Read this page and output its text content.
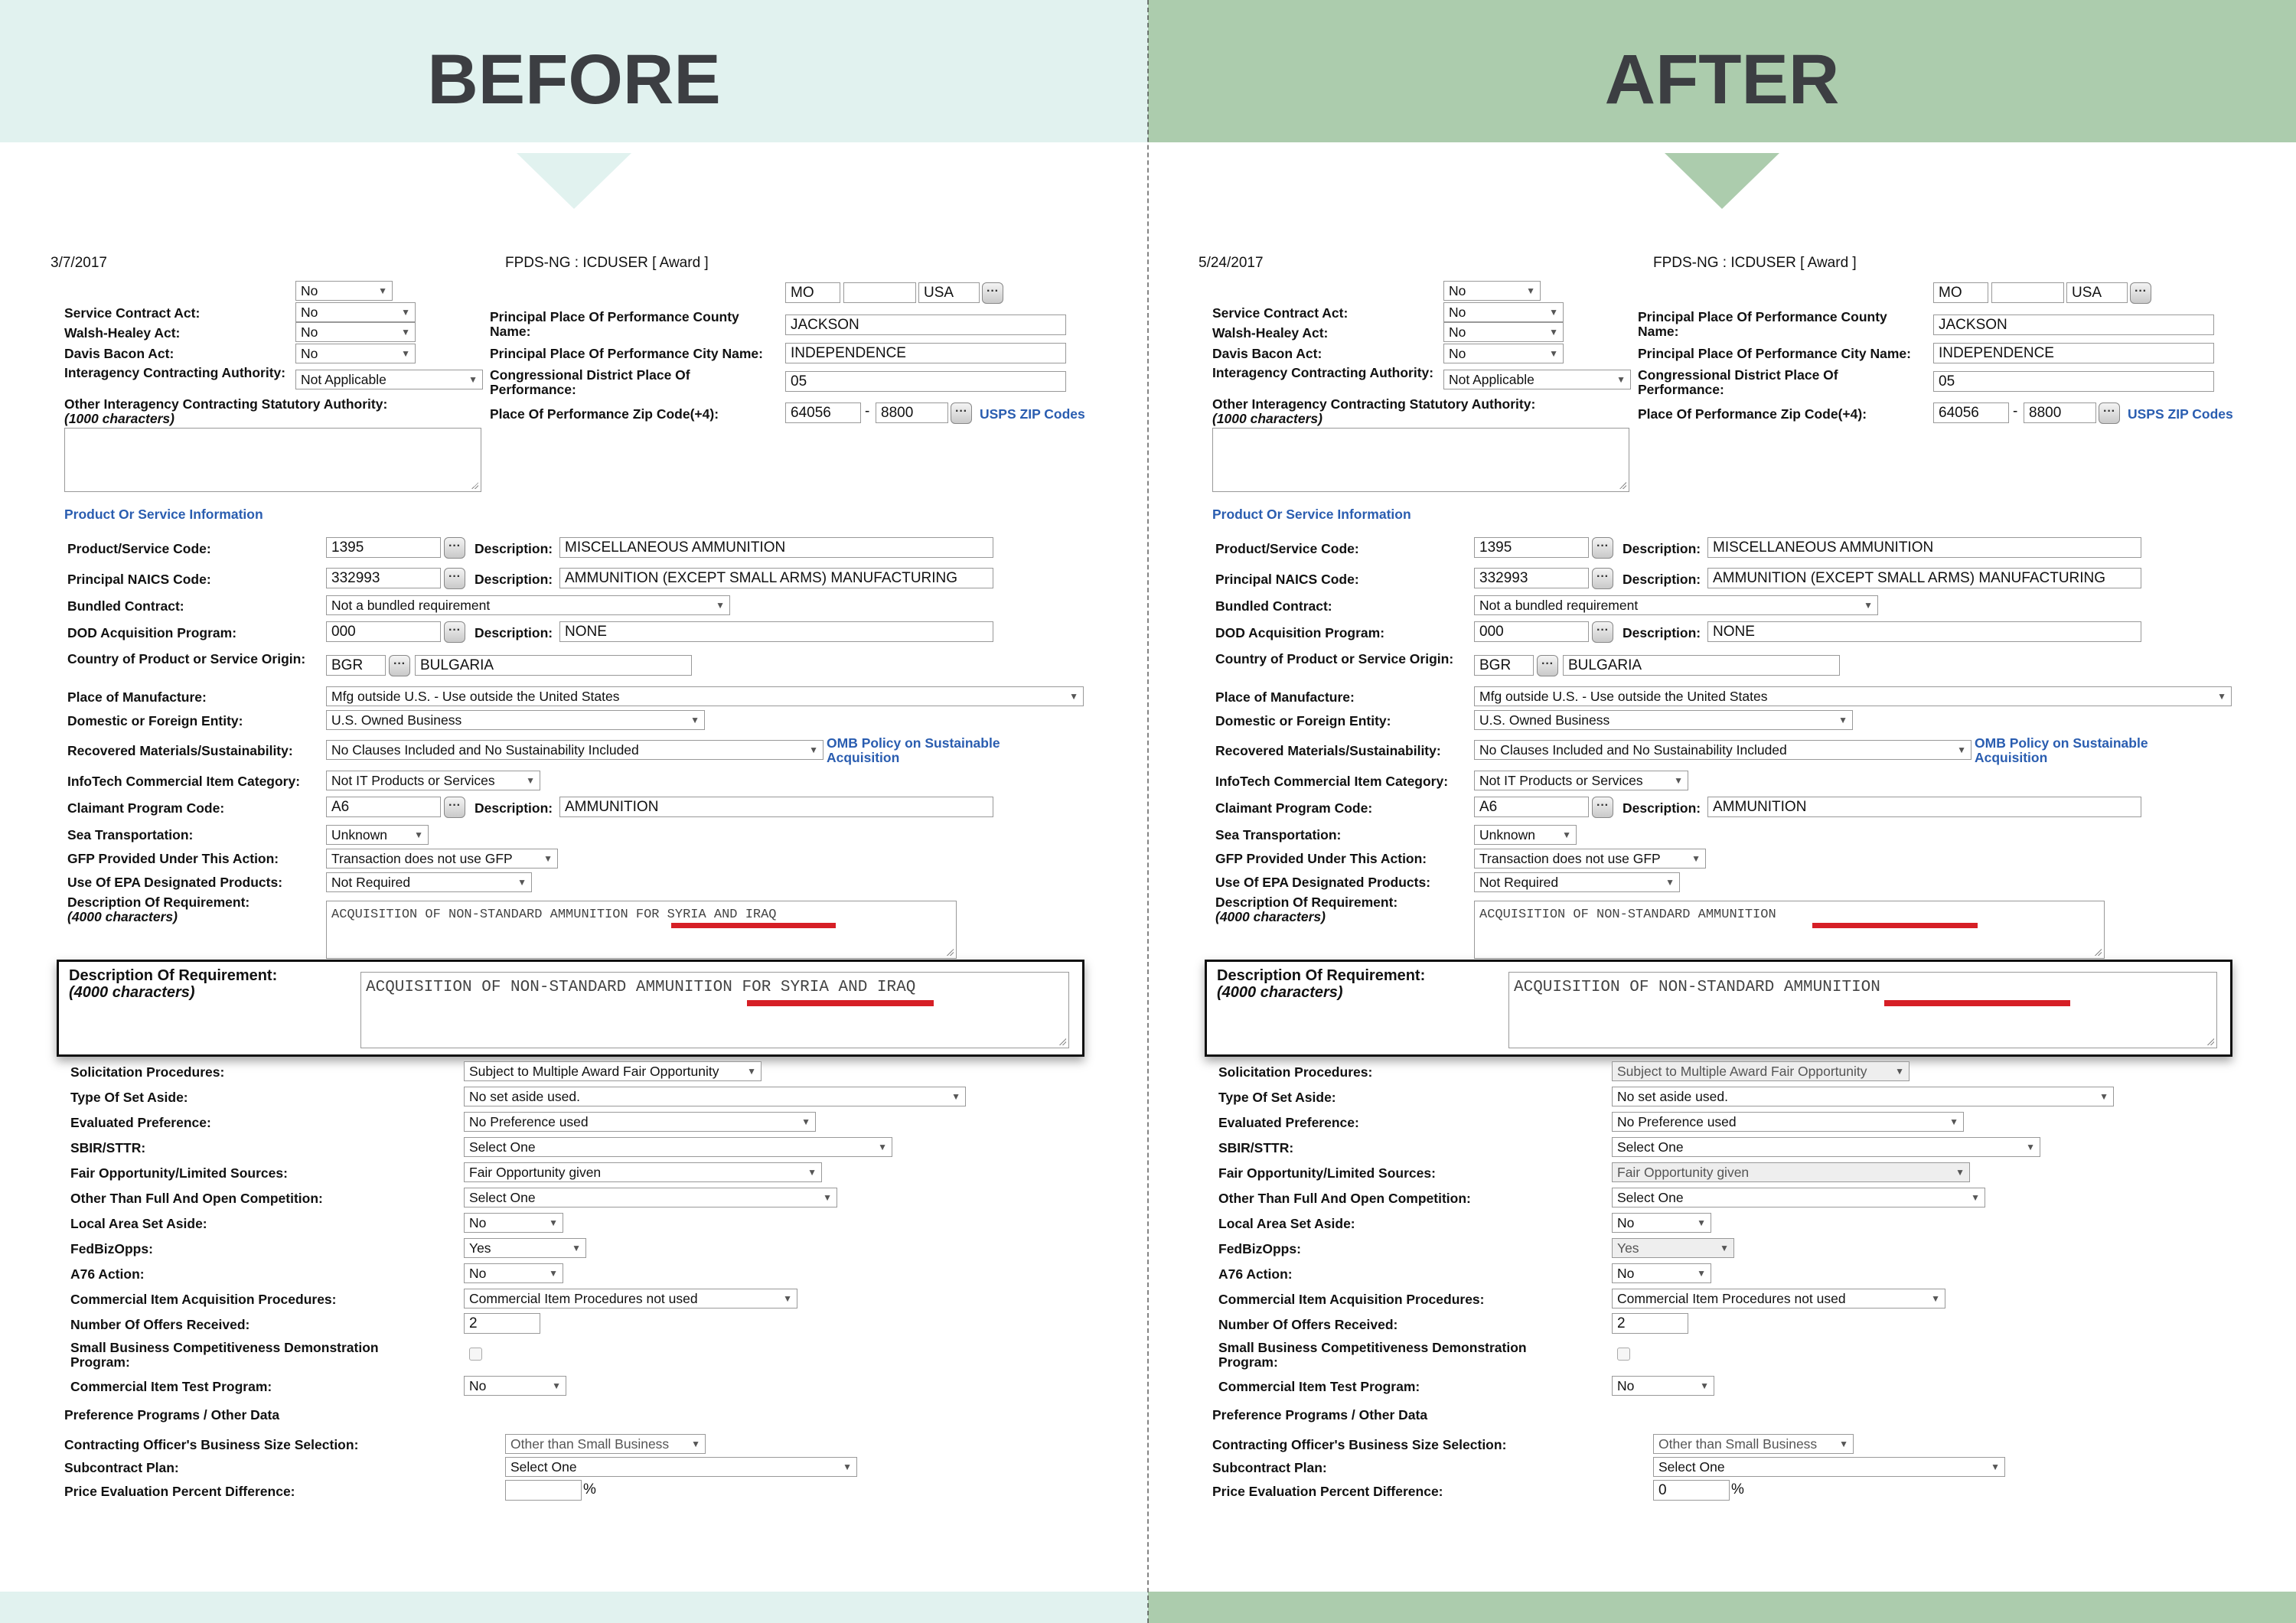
BEFORE
3/7/2017	FPDS-NG : ICDUSER [ Award ]
No ▼
Service Contract Act:	No ▼
Walsh-Healey Act:	No ▼
Davis Bacon Act:	No ▼
Interagency Contracting Authority:	Not Applicable ▼
Other Interagency Contracting Statutory Authority:
(1000 characters)
MO	USA	···
Principal Place Of Performance County Name:	JACKSON
Principal Place Of Performance City Name:	INDEPENDENCE
Congressional District Place Of Performance:	05
Place Of Performance Zip Code(+4):	64056	- 8800	··· USPS ZIP Codes
Product Or Service Information
Product/Service Code:	1395	···	Description: MISCELLANEOUS AMMUNITION
Principal NAICS Code:	332993	···	Description: AMMUNITION (EXCEPT SMALL ARMS) MANUFACTURING
Bundled Contract:	Not a bundled requirement ▼
DOD Acquisition Program:	000	···	Description: NONE
Country of Product or Service Origin:	BGR	···	BULGARIA
Place of Manufacture:	Mfg outside U.S. - Use outside the United States ▼
Domestic or Foreign Entity:	U.S. Owned Business ▼
Recovered Materials/Sustainability:	No Clauses Included and No Sustainability Included ▼	OMB Policy on Sustainable Acquisition
InfoTech Commercial Item Category:	Not IT Products or Services ▼
Claimant Program Code:	A6	···	Description: AMMUNITION
Sea Transportation:	Unknown ▼
GFP Provided Under This Action:	Transaction does not use GFP ▼
Use Of EPA Designated Products:	Not Required ▼
Description Of Requirement:
(4000 characters)	ACQUISITION OF NON-STANDARD AMMUNITION FOR SYRIA AND IRAQ
Description Of Requirement:
(4000 characters)	ACQUISITION OF NON-STANDARD AMMUNITION FOR SYRIA AND IRAQ
Solicitation Procedures:	Subject to Multiple Award Fair Opportunity ▼
Type Of Set Aside:	No set aside used. ▼
Evaluated Preference:	No Preference used ▼
SBIR/STTR:	Select One ▼
Fair Opportunity/Limited Sources:	Fair Opportunity given ▼
Other Than Full And Open Competition:	Select One ▼
Local Area Set Aside:	No ▼
FedBizOpps:	Yes ▼
A76 Action:	No ▼
Commercial Item Acquisition Procedures:	Commercial Item Procedures not used ▼
Number Of Offers Received:	2
Small Business Competitiveness Demonstration Program:
Commercial Item Test Program:	No ▼
Preference Programs / Other Data
Contracting Officer's Business Size Selection:	Other than Small Business ▼
Subcontract Plan:	Select One ▼
Price Evaluation Percent Difference:	%
AFTER
5/24/2017	FPDS-NG : ICDUSER [ Award ]
No ▼
Service Contract Act:	No ▼
Walsh-Healey Act:	No ▼
Davis Bacon Act:	No ▼
Interagency Contracting Authority:	Not Applicable ▼
Other Interagency Contracting Statutory Authority:
(1000 characters)
MO	USA	···
Principal Place Of Performance County Name:	JACKSON
Principal Place Of Performance City Name:	INDEPENDENCE
Congressional District Place Of Performance:	05
Place Of Performance Zip Code(+4):	64056	- 8800	··· USPS ZIP Codes
Product Or Service Information
Product/Service Code:	1395	···	Description: MISCELLANEOUS AMMUNITION
Principal NAICS Code:	332993	···	Description: AMMUNITION (EXCEPT SMALL ARMS) MANUFACTURING
Bundled Contract:	Not a bundled requirement ▼
DOD Acquisition Program:	000	···	Description: NONE
Country of Product or Service Origin:	BGR	···	BULGARIA
Place of Manufacture:	Mfg outside U.S. - Use outside the United States ▼
Domestic or Foreign Entity:	U.S. Owned Business ▼
Recovered Materials/Sustainability:	No Clauses Included and No Sustainability Included ▼	OMB Policy on Sustainable Acquisition
InfoTech Commercial Item Category:	Not IT Products or Services ▼
Claimant Program Code:	A6	···	Description: AMMUNITION
Sea Transportation:	Unknown ▼
GFP Provided Under This Action:	Transaction does not use GFP ▼
Use Of EPA Designated Products:	Not Required ▼
Description Of Requirement:
(4000 characters)	ACQUISITION OF NON-STANDARD AMMUNITION
Description Of Requirement:
(4000 characters)	ACQUISITION OF NON-STANDARD AMMUNITION
Solicitation Procedures:	Subject to Multiple Award Fair Opportunity ▼
Type Of Set Aside:	No set aside used. ▼
Evaluated Preference:	No Preference used ▼
SBIR/STTR:	Select One ▼
Fair Opportunity/Limited Sources:	Fair Opportunity given ▼
Other Than Full And Open Competition:	Select One ▼
Local Area Set Aside:	No ▼
FedBizOpps:	Yes ▼
A76 Action:	No ▼
Commercial Item Acquisition Procedures:	Commercial Item Procedures not used ▼
Number Of Offers Received:	2
Small Business Competitiveness Demonstration Program:
Commercial Item Test Program:	No ▼
Preference Programs / Other Data
Contracting Officer's Business Size Selection:	Other than Small Business ▼
Subcontract Plan:	Select One ▼
Price Evaluation Percent Difference:	0	%
